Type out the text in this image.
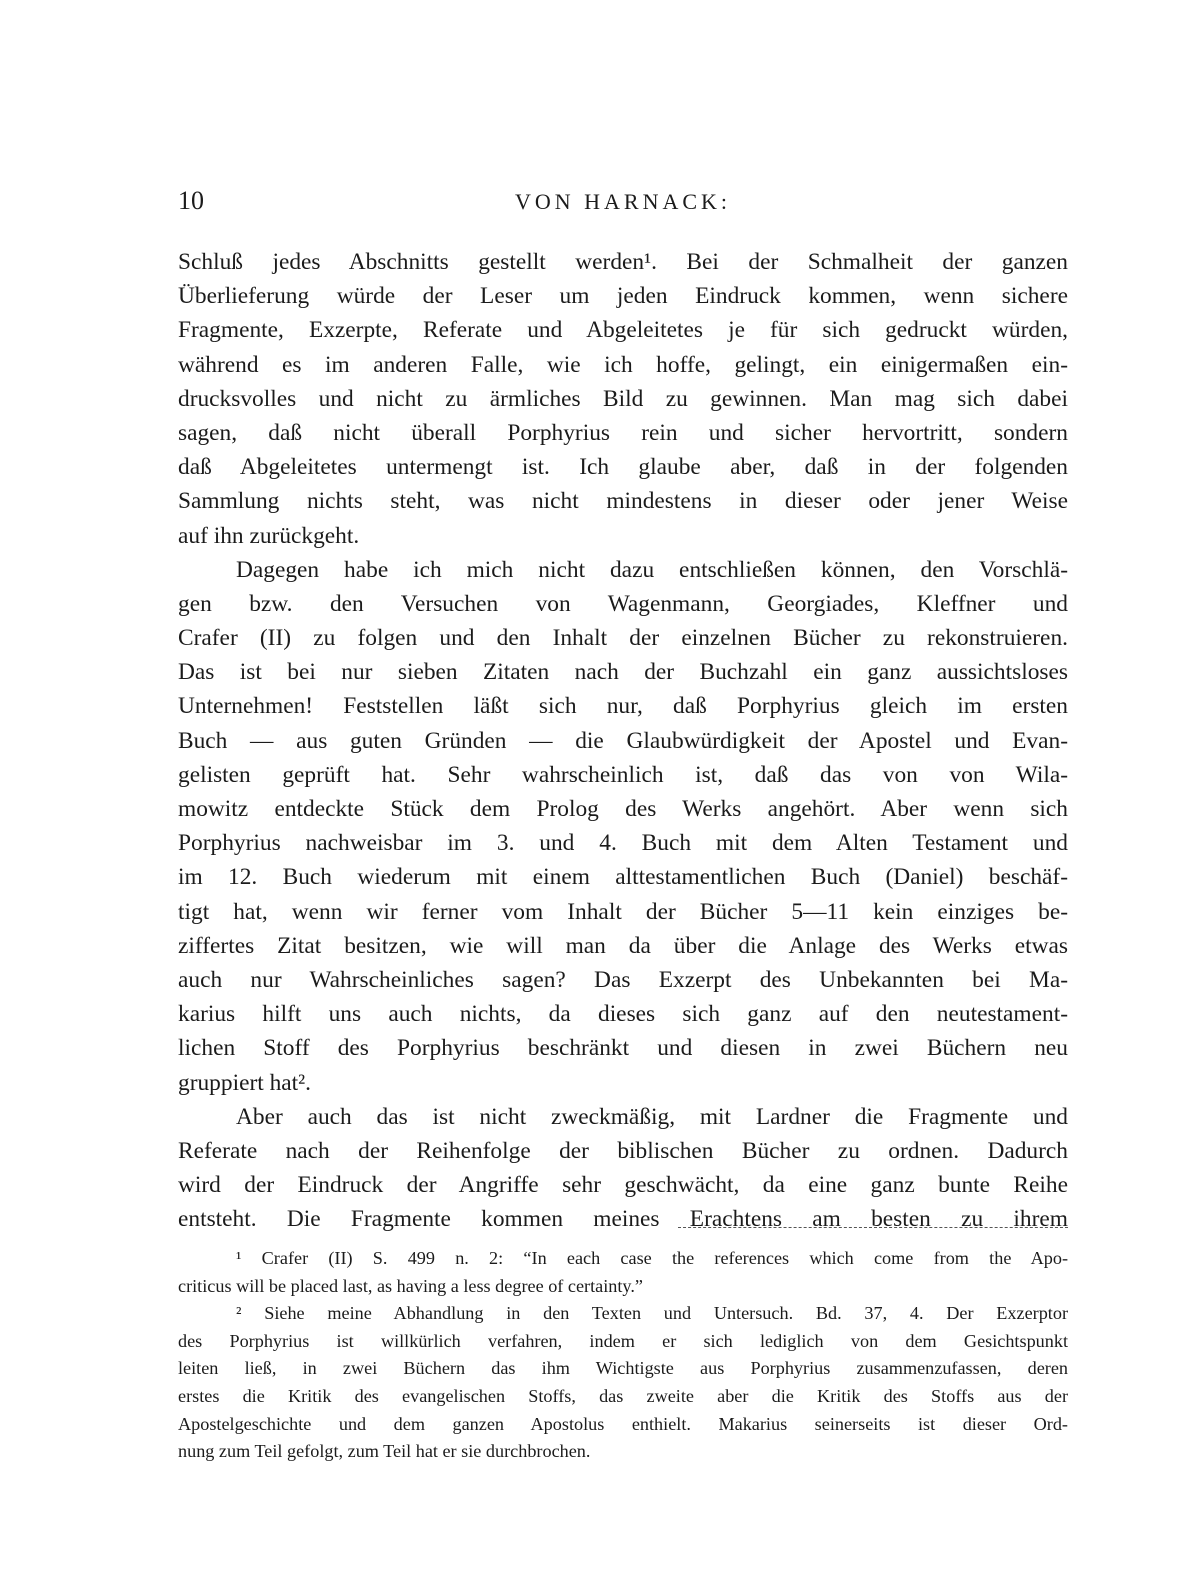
10	VON HARNACK:
Schluß jedes Abschnitts gestellt werden¹. Bei der Schmalheit der ganzen
Überlieferung würde der Leser um jeden Eindruck kommen, wenn sichere
Fragmente, Exzerpte, Referate und Abgeleitetes je für sich gedruckt würden,
während es im anderen Falle, wie ich hoffe, gelingt, ein einigermaßen ein-
drucksvolles und nicht zu ärmliches Bild zu gewinnen. Man mag sich dabei
sagen, daß nicht überall Porphyrius rein und sicher hervortritt, sondern
daß Abgeleitetes untermengt ist. Ich glaube aber, daß in der folgenden
Sammlung nichts steht, was nicht mindestens in dieser oder jener Weise
auf ihn zurückgeht.
Dagegen habe ich mich nicht dazu entschließen können, den Vorschlä-
gen bzw. den Versuchen von Wagenmann, Georgiades, Kleffner und
Crafer (II) zu folgen und den Inhalt der einzelnen Bücher zu rekonstruieren.
Das ist bei nur sieben Zitaten nach der Buchzahl ein ganz aussichtsloses
Unternehmen! Feststellen läßt sich nur, daß Porphyrius gleich im ersten
Buch — aus guten Gründen — die Glaubwürdigkeit der Apostel und Evan-
gelisten geprüft hat. Sehr wahrscheinlich ist, daß das von von Wila-
mowitz entdeckte Stück dem Prolog des Werks angehört. Aber wenn sich
Porphyrius nachweisbar im 3. und 4. Buch mit dem Alten Testament und
im 12. Buch wiederum mit einem alttestamentlichen Buch (Daniel) beschäf-
tigt hat, wenn wir ferner vom Inhalt der Bücher 5—11 kein einziges be-
ziffertes Zitat besitzen, wie will man da über die Anlage des Werks etwas
auch nur Wahrscheinliches sagen? Das Exzerpt des Unbekannten bei Ma-
karius hilft uns auch nichts, da dieses sich ganz auf den neutestament-
lichen Stoff des Porphyrius beschränkt und diesen in zwei Büchern neu
gruppiert hat².
Aber auch das ist nicht zweckmäßig, mit Lardner die Fragmente und
Referate nach der Reihenfolge der biblischen Bücher zu ordnen. Dadurch
wird der Eindruck der Angriffe sehr geschwächt, da eine ganz bunte Reihe
entsteht. Die Fragmente kommen meines Erachtens am besten zu ihrem
¹ Crafer (II) S. 499 n. 2: “In each case the references which come from the Apo-
criticus will be placed last, as having a less degree of certainty.”
² Siehe meine Abhandlung in den Texten und Untersuch. Bd. 37, 4. Der Exzerptor
des Porphyrius ist willkürlich verfahren, indem er sich lediglich von dem Gesichtspunkt
leiten ließ, in zwei Büchern das ihm Wichtigste aus Porphyrius zusammenzufassen, deren
erstes die Kritik des evangelischen Stoffs, das zweite aber die Kritik des Stoffs aus der
Apostelgeschichte und dem ganzen Apostolus enthielt. Makarius seinerseits ist dieser Ord-
nung zum Teil gefolgt, zum Teil hat er sie durchbrochen.
